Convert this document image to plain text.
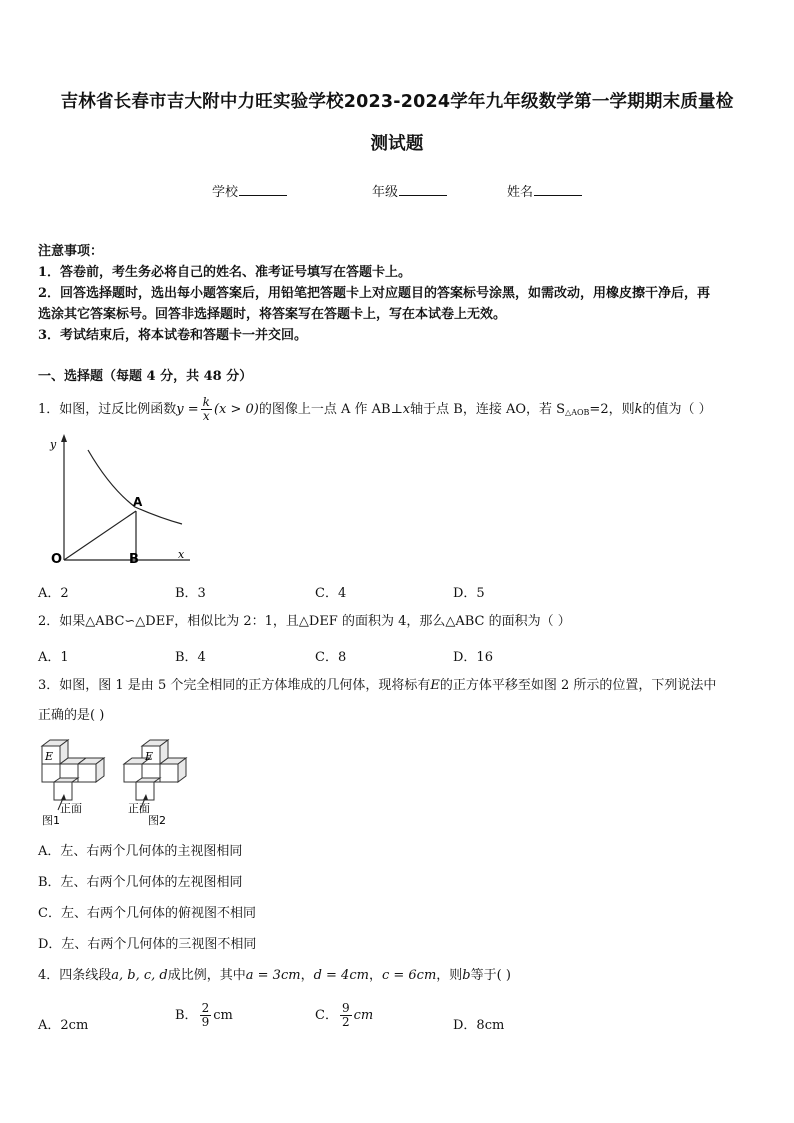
吉林省长春市吉大附中力旺实验学校2023-2024学年九年级数学第一学期期末质量检
测试题
学校	年级	姓名
注意事项：
1．答卷前，考生务必将自己的姓名、准考证号填写在答题卡上。
2．回答选择题时，选出每小题答案后，用铅笔把答题卡上对应题目的答案标号涂黑，如需改动，用橡皮擦干净后，再
选涂其它答案标号。回答非选择题时，将答案写在答题卡上，写在本试卷上无效。
3．考试结束后，将本试卷和答题卡一并交回。
一、选择题（每题 4 分，共 48 分）
1．如图，过反比例函数$y = \frac{k}{x} (x > 0)$的图像上一点 A 作 AB⊥x轴于点 B，连接 AO，若 $S_{\triangle AOB}=2$，则k的值为（ ）
y
x
O
A
B
A．2	B．3	C．4	D．5
2．如果△ABC∽△DEF，相似比为 2：1，且△DEF 的面积为 4，那么△ABC 的面积为（ ）
A．1	B．4	C．8	D．16
3．如图，图 1 是由 5 个完全相同的正方体堆成的几何体，现将标有E的正方体平移至如图 2 所示的位置，下列说法中
正确的是( )
E
正面
图1
E
正面
图2
A．左、右两个几何体的主视图相同
B．左、右两个几何体的左视图相同
C．左、右两个几何体的俯视图不相同
D．左、右两个几何体的三视图不相同
4．四条线段a, b, c, d成比例，其中a = 3cm，d = 4cm，c = 6cm，则b等于( )
A．2cm
B． $\frac{2}{9}$ cm	C． $\frac{9}{2}$ cm
D．8cm
